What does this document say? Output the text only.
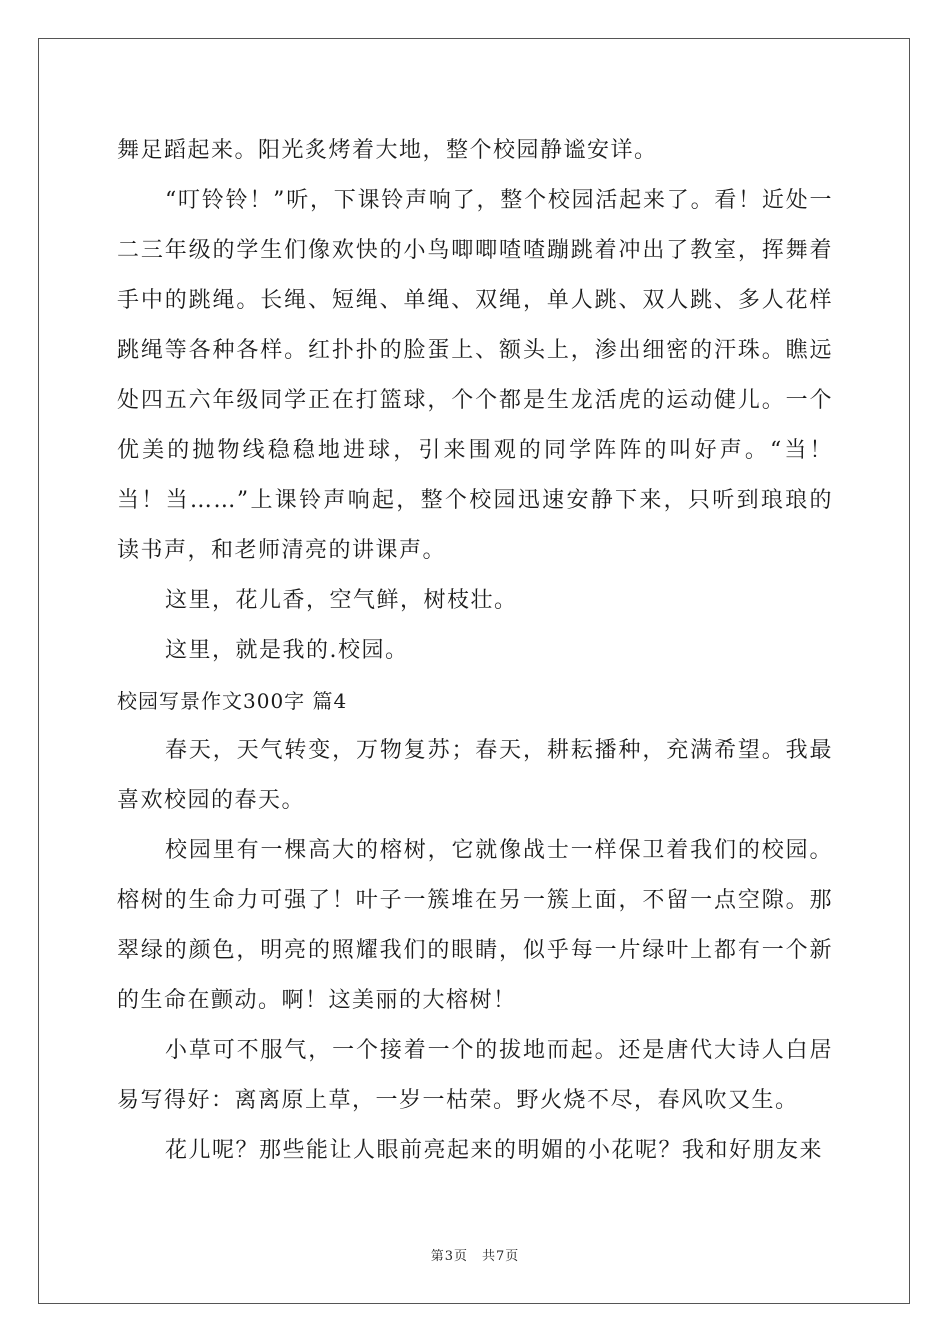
舞足蹈起来。阳光炙烤着大地，整个校园静谧安详。

“叮铃铃！”听，下课铃声响了，整个校园活起来了。看！近处一二三年级的学生们像欢快的小鸟唧唧喳喳蹦跳着冲出了教室，挥舞着手中的跳绳。长绳、短绳、单绳、双绳，单人跳、双人跳、多人花样跳绳等各种各样。红扑扑的脸蛋上、额头上，渗出细密的汗珠。瞧远处四五六年级同学正在打篮球，个个都是生龙活虎的运动健儿。一个优美的抛物线稳稳地进球，引来围观的同学阵阵的叫好声。“当！当！当……”上课铃声响起，整个校园迅速安静下来，只听到琅琅的读书声，和老师清亮的讲课声。

这里，花儿香，空气鲜，树枝壮。

这里，就是我的.校园。

校园写景作文300字 篇4

春天，天气转变，万物复苏；春天，耕耘播种，充满希望。我最喜欢校园的春天。

校园里有一棵高大的榕树，它就像战士一样保卫着我们的校园。榕树的生命力可强了！叶子一簇堆在另一簇上面，不留一点空隙。那翠绿的颜色，明亮的照耀我们的眼睛，似乎每一片绿叶上都有一个新的生命在颤动。啊！这美丽的大榕树！

小草可不服气，一个接着一个的拔地而起。还是唐代大诗人白居易写得好：离离原上草，一岁一枯荣。野火烧不尽，春风吹又生。

花儿呢？那些能让人眼前亮起来的明媚的小花呢？我和好朋友来

第3页　共7页
